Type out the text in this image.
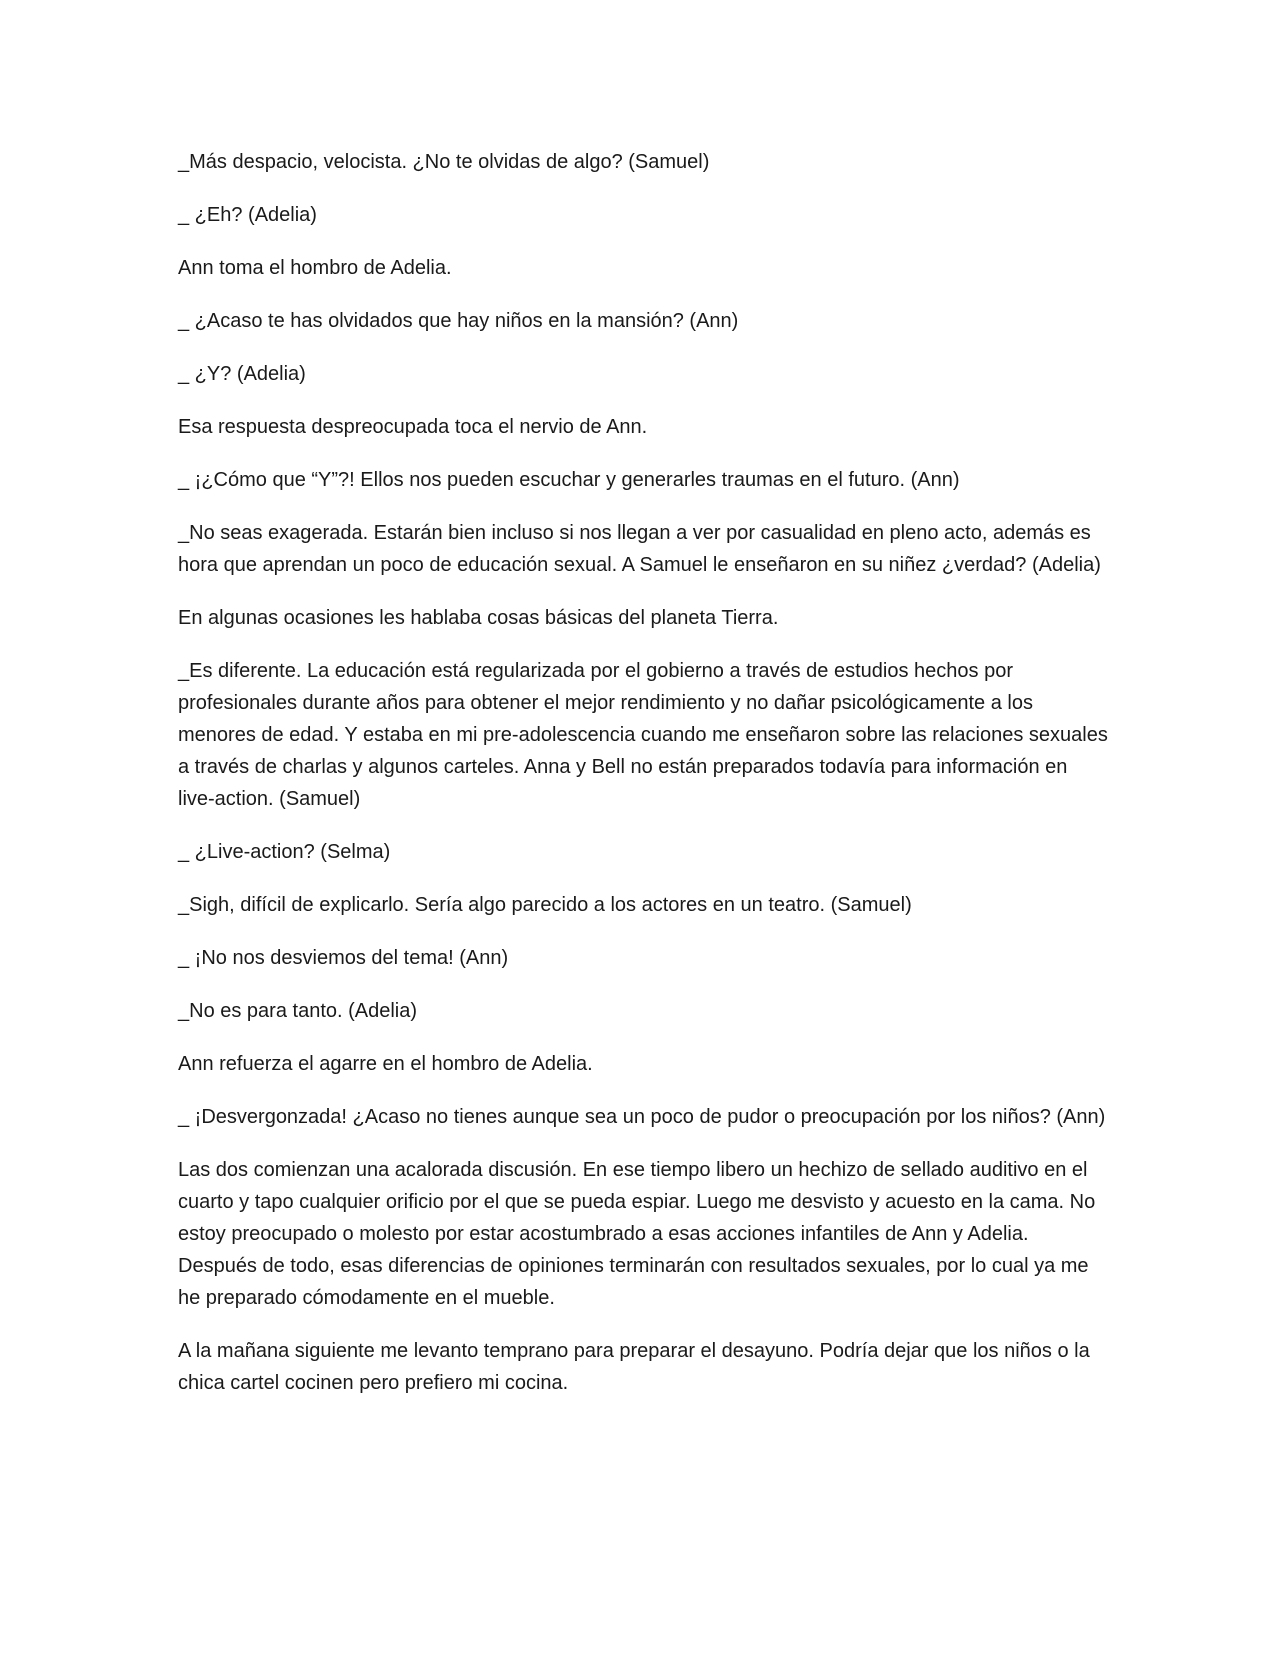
_Más despacio, velocista. ¿No te olvidas de algo? (Samuel)

_ ¿Eh? (Adelia)

Ann toma el hombro de Adelia.

_ ¿Acaso te has olvidados que hay niños en la mansión? (Ann)

_ ¿Y? (Adelia)

Esa respuesta despreocupada toca el nervio de Ann.

_ ¡¿Cómo que “Y”?! Ellos nos pueden escuchar y generarles traumas en el futuro. (Ann)

_No seas exagerada. Estarán bien incluso si nos llegan a ver por casualidad en pleno acto, además es hora que aprendan un poco de educación sexual. A Samuel le enseñaron en su niñez ¿verdad? (Adelia)

En algunas ocasiones les hablaba cosas básicas del planeta Tierra.

_Es diferente. La educación está regularizada por el gobierno a través de estudios hechos por profesionales durante años para obtener el mejor rendimiento y no dañar psicológicamente a los menores de edad. Y estaba en mi pre-adolescencia cuando me enseñaron sobre las relaciones sexuales a través de charlas y algunos carteles. Anna y Bell no están preparados todavía para información en live-action. (Samuel)

_ ¿Live-action? (Selma)

_Sigh, difícil de explicarlo. Sería algo parecido a los actores en un teatro. (Samuel)

_ ¡No nos desviemos del tema! (Ann)

_No es para tanto. (Adelia)

Ann refuerza el agarre en el hombro de Adelia.

_ ¡Desvergonzada! ¿Acaso no tienes aunque sea un poco de pudor o preocupación por los niños? (Ann)

Las dos comienzan una acalorada discusión. En ese tiempo libero un hechizo de sellado auditivo en el cuarto y tapo cualquier orificio por el que se pueda espiar. Luego me desvisto y acuesto en la cama. No estoy preocupado o molesto por estar acostumbrado a esas acciones infantiles de Ann y Adelia. Después de todo, esas diferencias de opiniones terminarán con resultados sexuales, por lo cual ya me he preparado cómodamente en el mueble.

A la mañana siguiente me levanto temprano para preparar el desayuno. Podría dejar que los niños o la chica cartel cocinen pero prefiero mi cocina.
